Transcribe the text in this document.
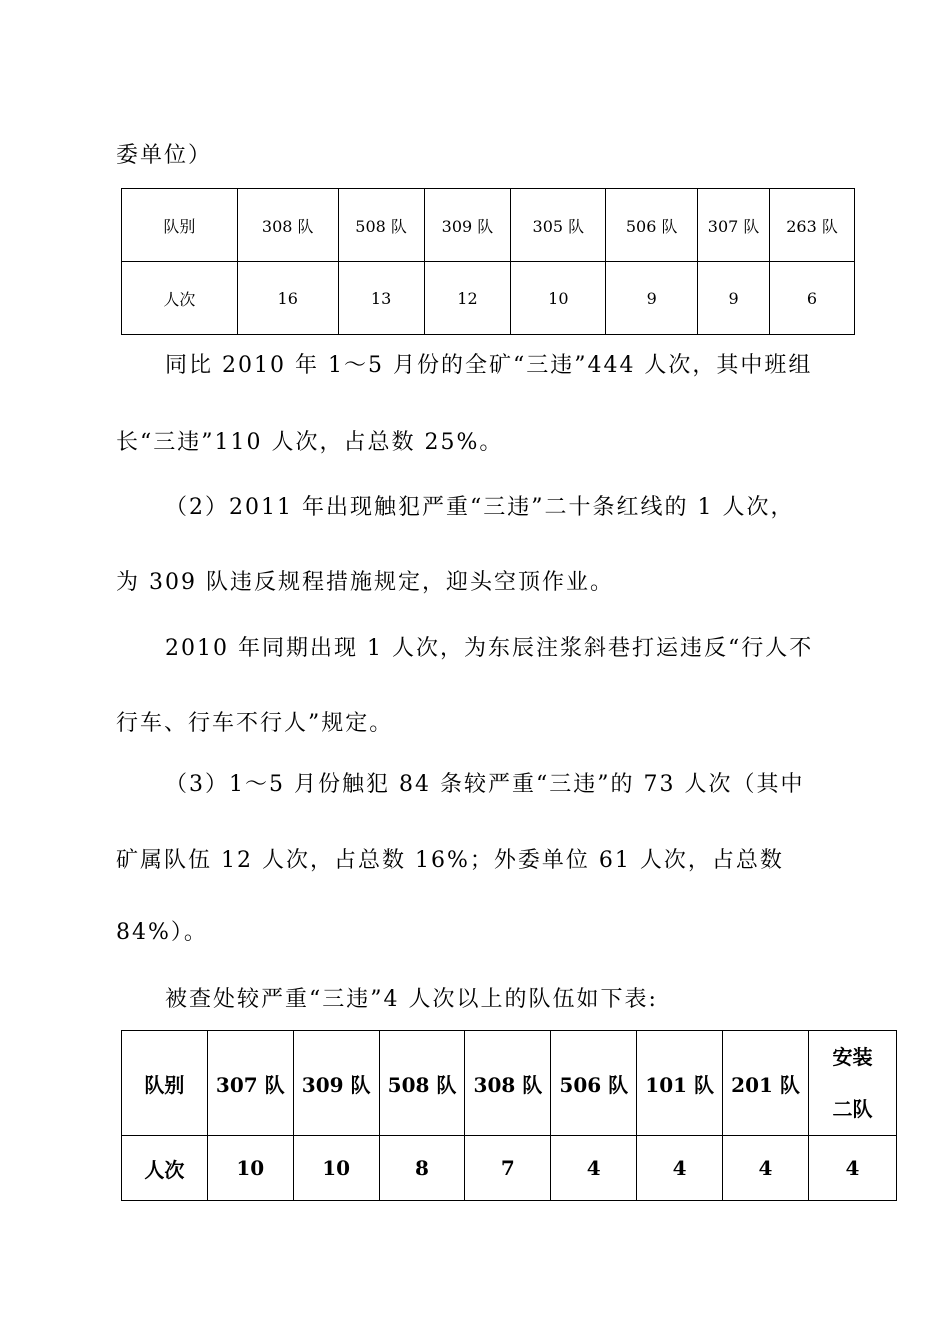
委单位）
队别	308 队	508 队	309 队	305 队	506 队	307 队	263 队
人次	16	13	12	10	9	9	6
同比 2010 年 1～5 月份的全矿“三违”444 人次，其中班组
长“三违”110 人次，占总数 25%。
（2）2011 年出现触犯严重“三违”二十条红线的 1 人次，
为 309 队违反规程措施规定，迎头空顶作业。
2010 年同期出现 1 人次，为东辰注浆斜巷打运违反“行人不
行车、行车不行人”规定。
（3）1～5 月份触犯 84 条较严重“三违”的 73 人次（其中
矿属队伍 12 人次，占总数 16%；外委单位 61 人次，占总数
84%）。
被查处较严重“三违”4 人次以上的队伍如下表:
队别	307 队	309 队	508 队	308 队	506 队	101 队	201 队	安装二队
人次	10	10	8	7	4	4	4	4
